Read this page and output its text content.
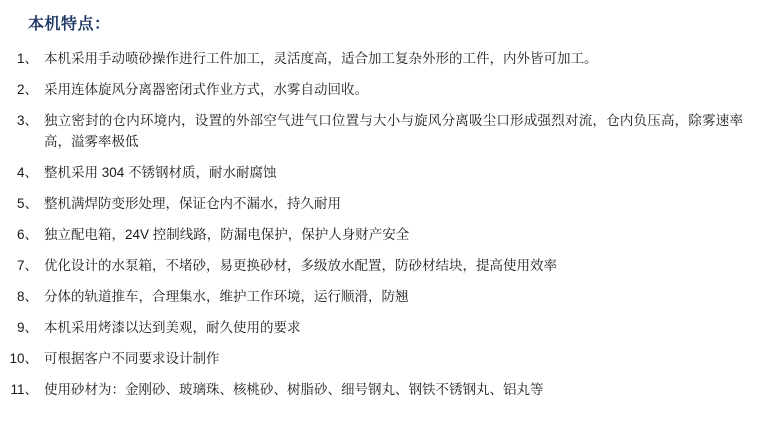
本机特点：
1、 本机采用手动喷砂操作进行工件加工，灵活度高，适合加工复杂外形的工件，内外皆可加工。
2、 采用连体旋风分离器密闭式作业方式，水雾自动回收。
3、 独立密封的仓内环境内，设置的外部空气进气口位置与大小与旋风分离吸尘口形成强烈对流，仓内负压高，除雾速率高，溢雾率极低
4、 整机采用 304 不锈钢材质，耐水耐腐蚀
5、 整机满焊防变形处理，保证仓内不漏水，持久耐用
6、 独立配电箱，24V 控制线路，防漏电保护，保护人身财产安全
7、 优化设计的水泵箱，不堵砂，易更换砂材，多级放水配置，防砂材结块，提高使用效率
8、 分体的轨道推车，合理集水，维护工作环境，运行顺滑，防翘
9、 本机采用烤漆以达到美观，耐久使用的要求
10、 可根据客户不同要求设计制作
11、 使用砂材为：金刚砂、玻璃珠、核桃砂、树脂砂、细号钢丸、钢铁不锈钢丸、铝丸等
